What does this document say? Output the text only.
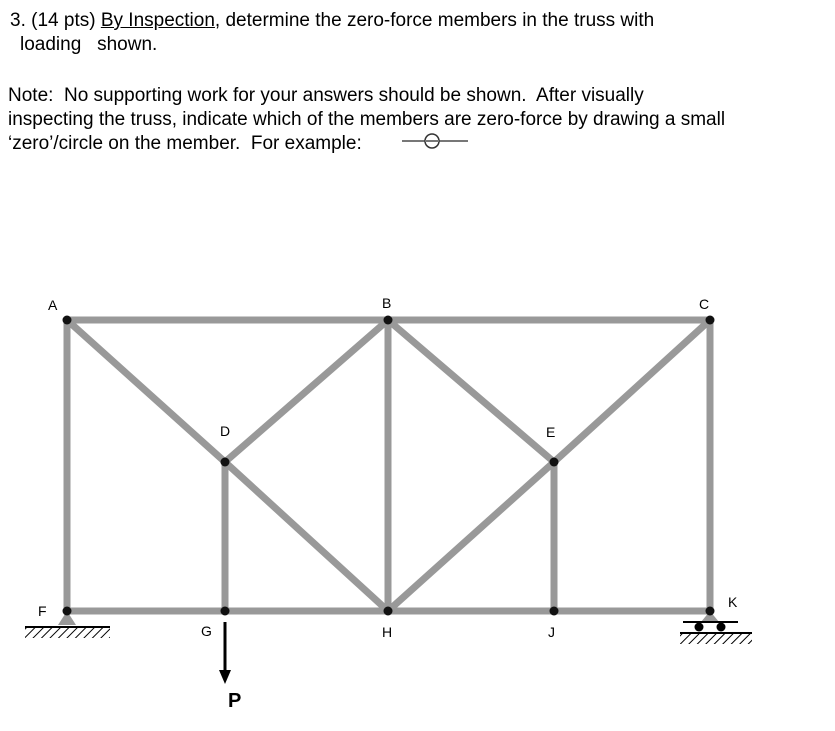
3. (14 pts) By Inspection, determine the zero-force members in the truss with
loading   shown.
Note:  No supporting work for your answers should be shown.  After visually
inspecting the truss, indicate which of the members are zero-force by drawing a small
‘zero’/circle on the member.  For example:
A	B	C
D	E
F
G	H	J
K
P
